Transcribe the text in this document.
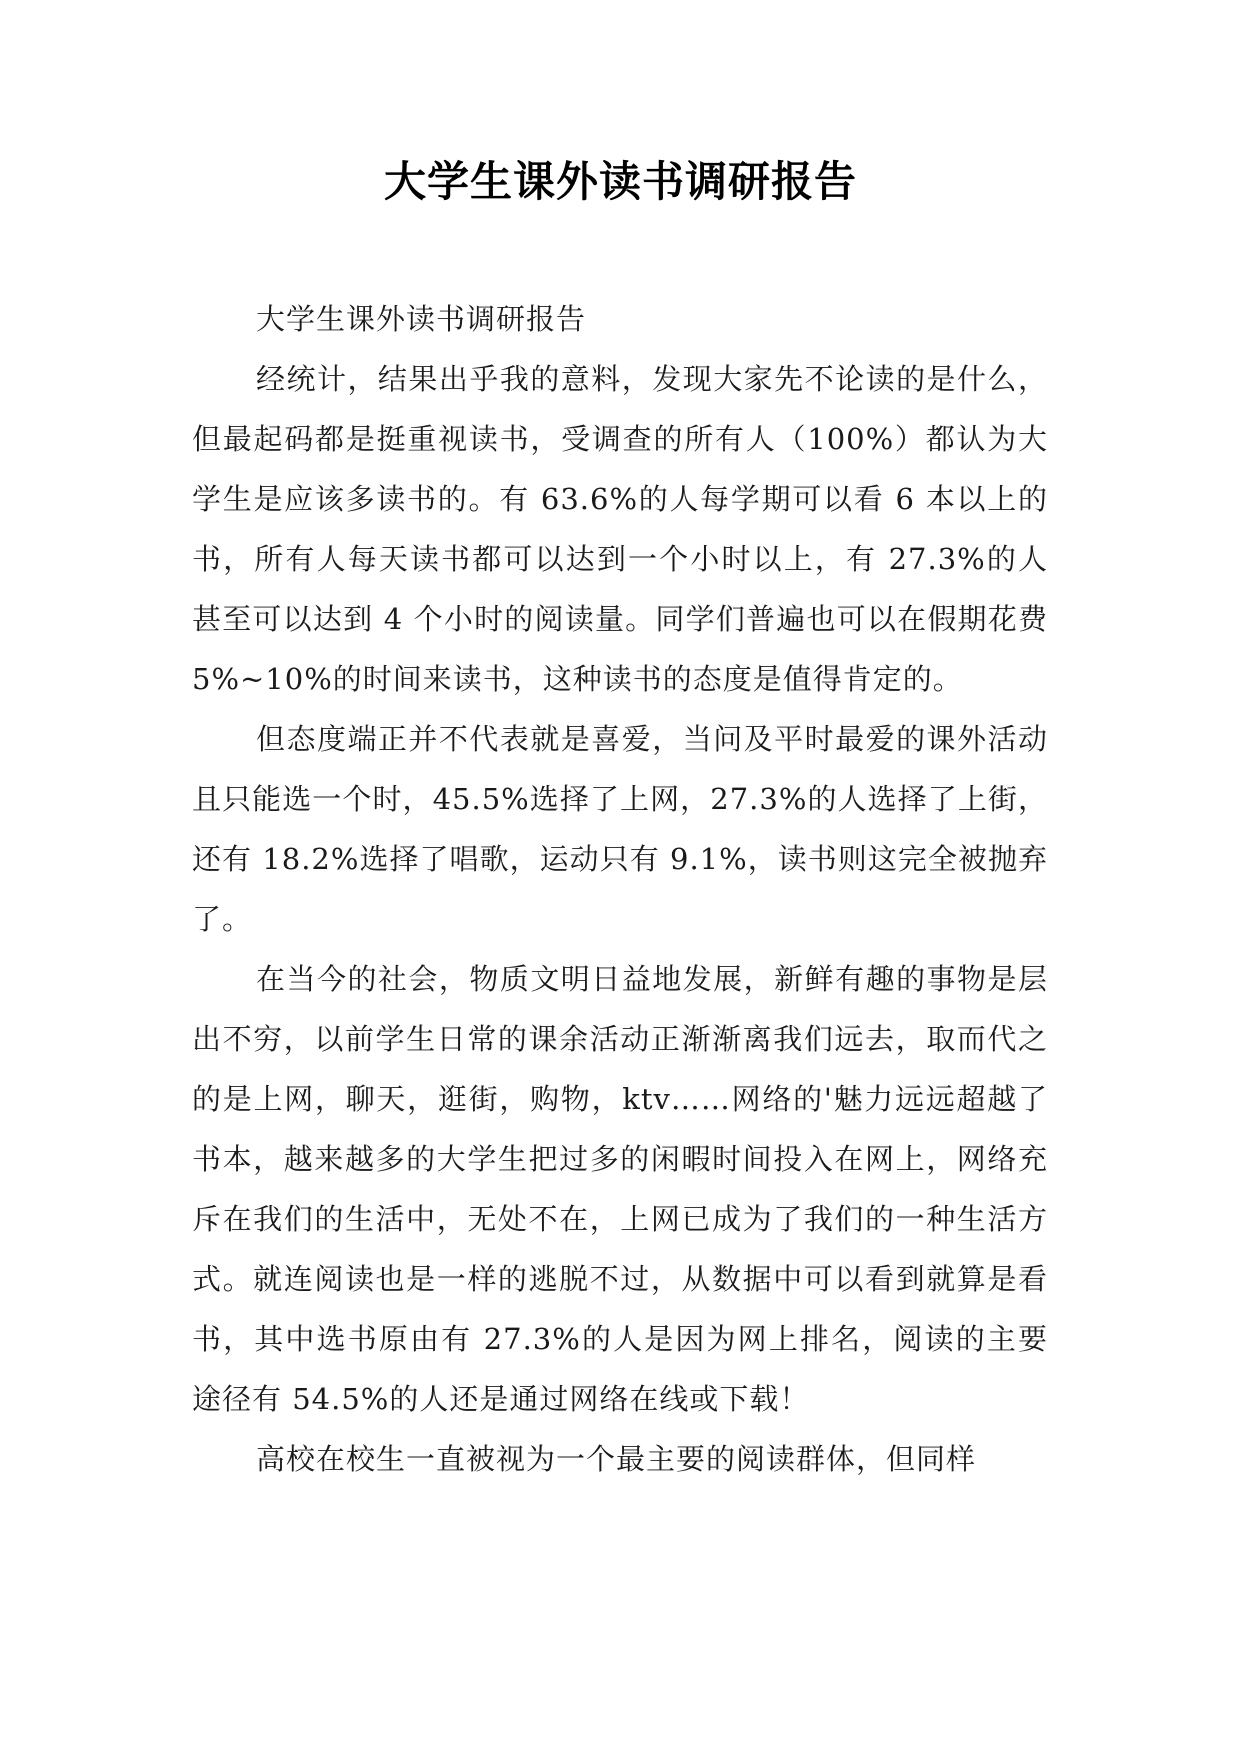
大学生课外读书调研报告

大学生课外读书调研报告

经统计，结果出乎我的意料，发现大家先不论读的是什么，但最起码都是挺重视读书，受调查的所有人（100%）都认为大学生是应该多读书的。有 63.6%的人每学期可以看 6 本以上的书，所有人每天读书都可以达到一个小时以上，有 27.3%的人甚至可以达到 4 个小时的阅读量。同学们普遍也可以在假期花费 5%~10%的时间来读书，这种读书的态度是值得肯定的。

但态度端正并不代表就是喜爱，当问及平时最爱的课外活动且只能选一个时，45.5%选择了上网，27.3%的人选择了上街，还有 18.2%选择了唱歌，运动只有 9.1%，读书则这完全被抛弃了。

在当今的社会，物质文明日益地发展，新鲜有趣的事物是层出不穷，以前学生日常的课余活动正渐渐离我们远去，取而代之的是上网，聊天，逛街，购物，ktv……网络的'魅力远远超越了书本，越来越多的大学生把过多的闲暇时间投入在网上，网络充斥在我们的生活中，无处不在，上网已成为了我们的一种生活方式。就连阅读也是一样的逃脱不过，从数据中可以看到就算是看书，其中选书原由有 27.3%的人是因为网上排名，阅读的主要途径有 54.5%的人还是通过网络在线或下载！

高校在校生一直被视为一个最主要的阅读群体，但同样
